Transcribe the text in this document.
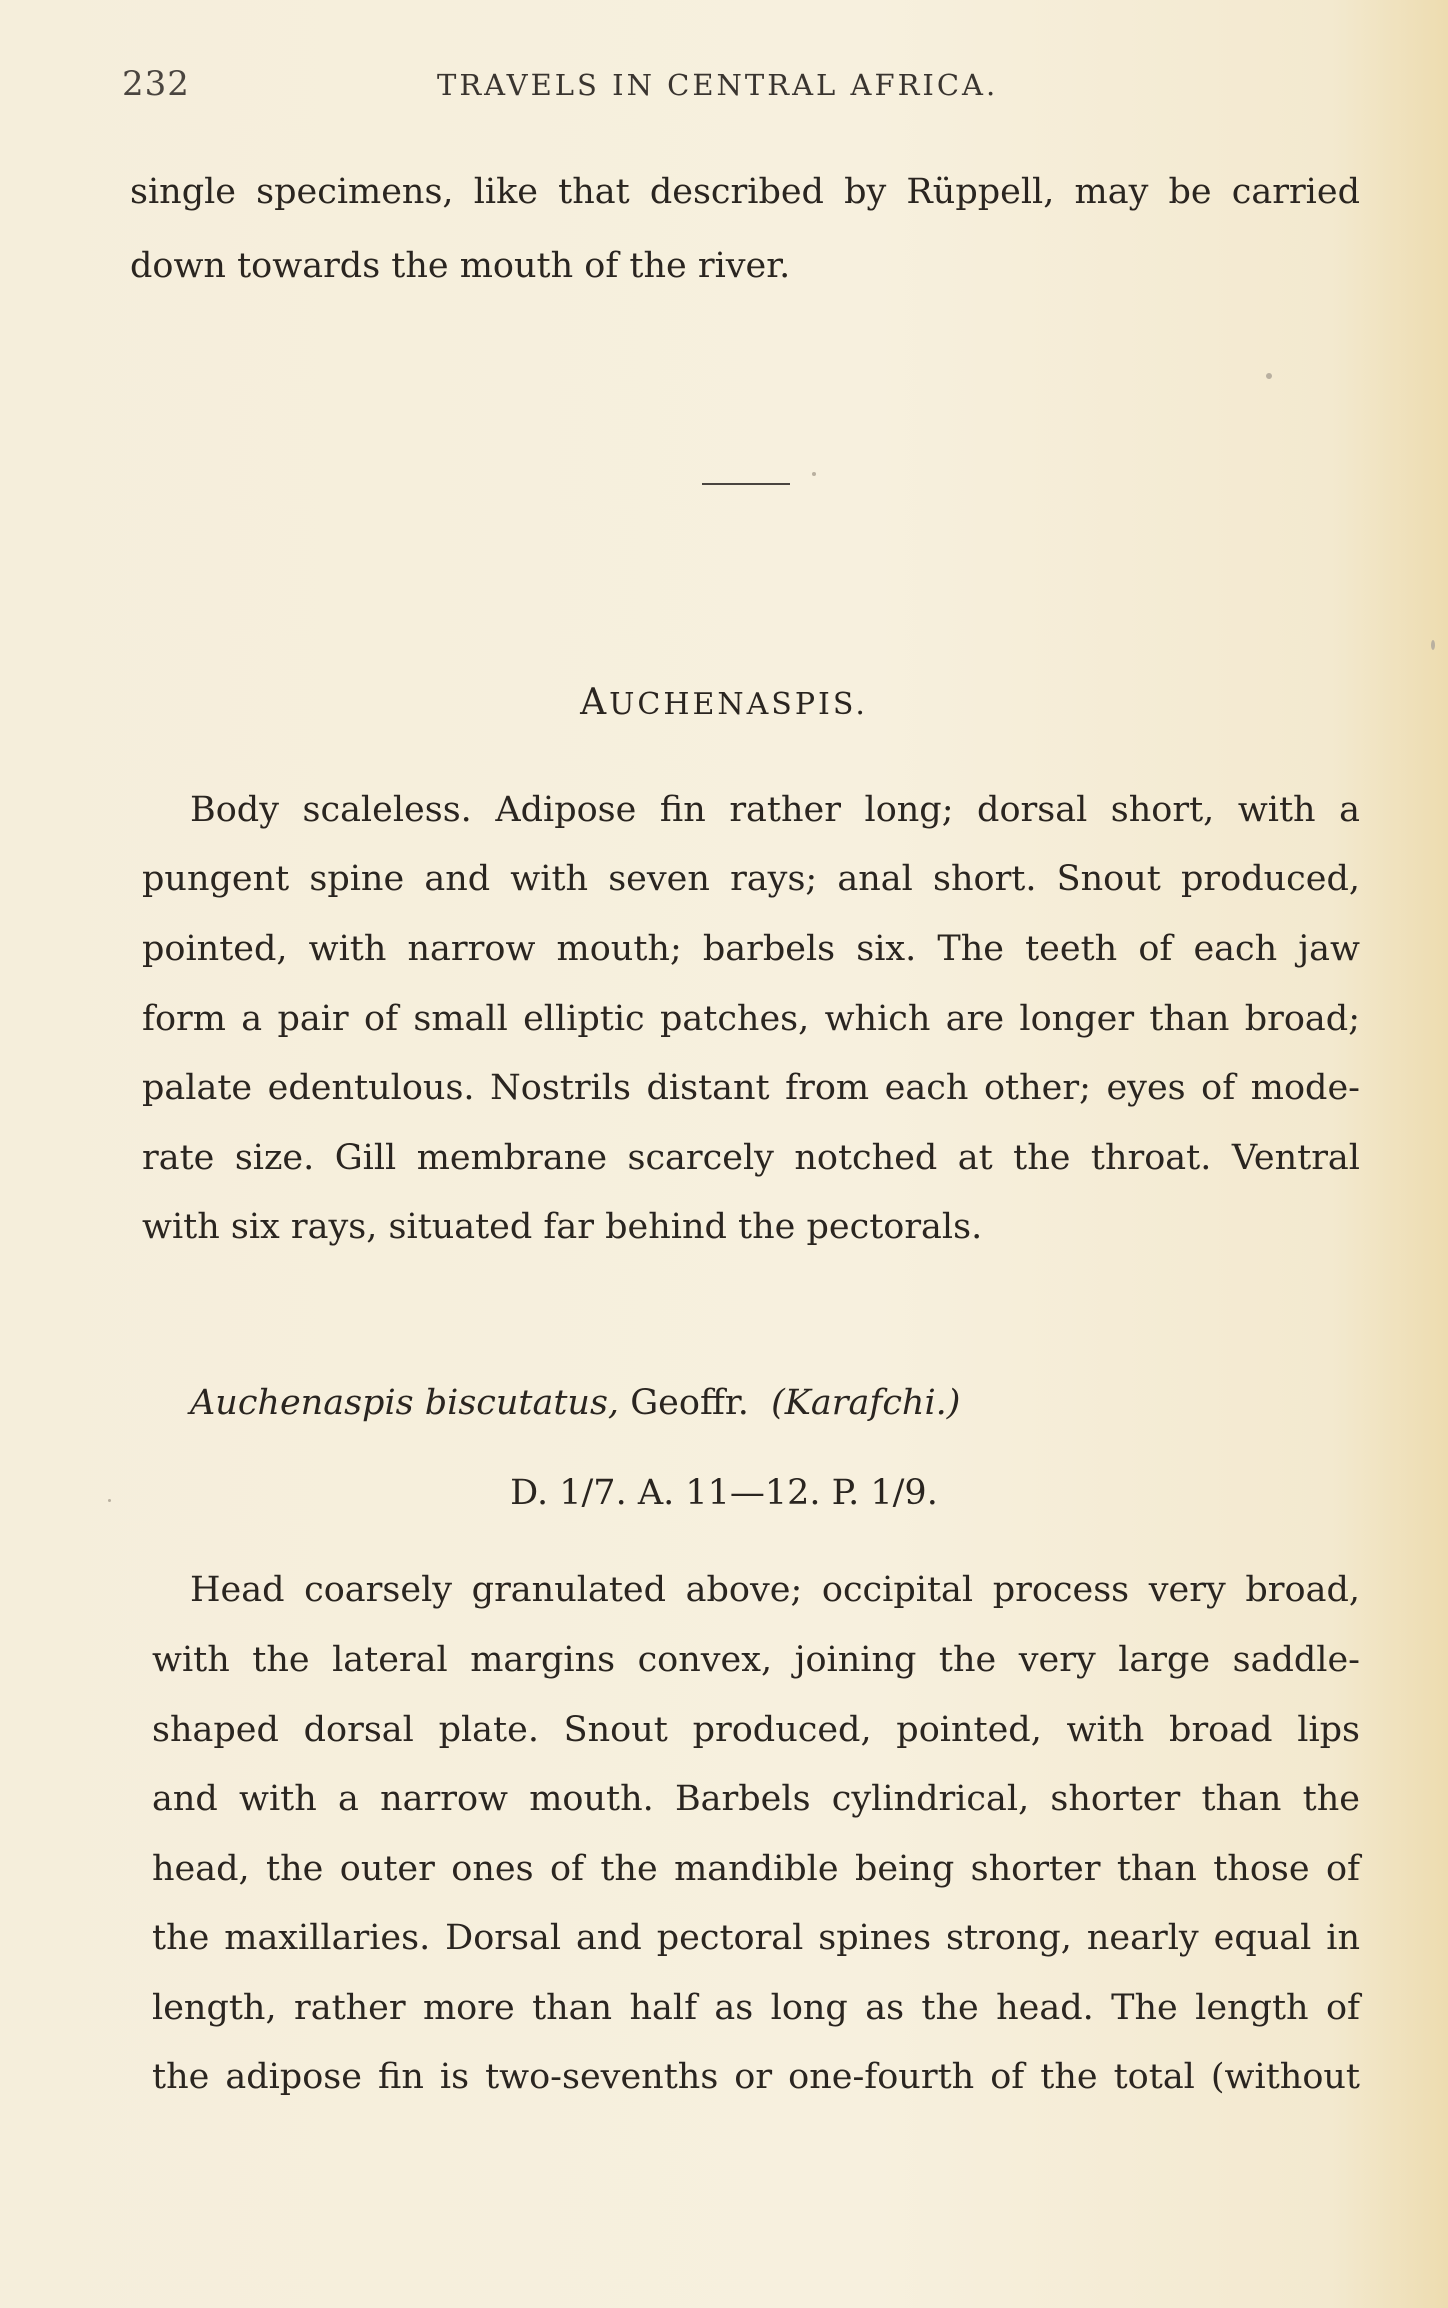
232	TRAVELS IN CENTRAL AFRICA.
single specimens, like that described by Rüppell, may be carried
down towards the mouth of the river.
AUCHENASPIS.
Body scaleless. Adipose fin rather long; dorsal short, with a
pungent spine and with seven rays; anal short. Snout produced,
pointed, with narrow mouth; barbels six. The teeth of each jaw
form a pair of small elliptic patches, which are longer than broad;
palate edentulous. Nostrils distant from each other; eyes of mode-
rate size. Gill membrane scarcely notched at the throat. Ventral
with six rays, situated far behind the pectorals.
Auchenaspis biscutatus, Geoffr. (Karafchi.)
D. 1/7. A. 11—12. P. 1/9.
Head coarsely granulated above; occipital process very broad,
with the lateral margins convex, joining the very large saddle-
shaped dorsal plate. Snout produced, pointed, with broad lips
and with a narrow mouth. Barbels cylindrical, shorter than the
head, the outer ones of the mandible being shorter than those of
the maxillaries. Dorsal and pectoral spines strong, nearly equal in
length, rather more than half as long as the head. The length of
the adipose fin is two-sevenths or one-fourth of the total (without
